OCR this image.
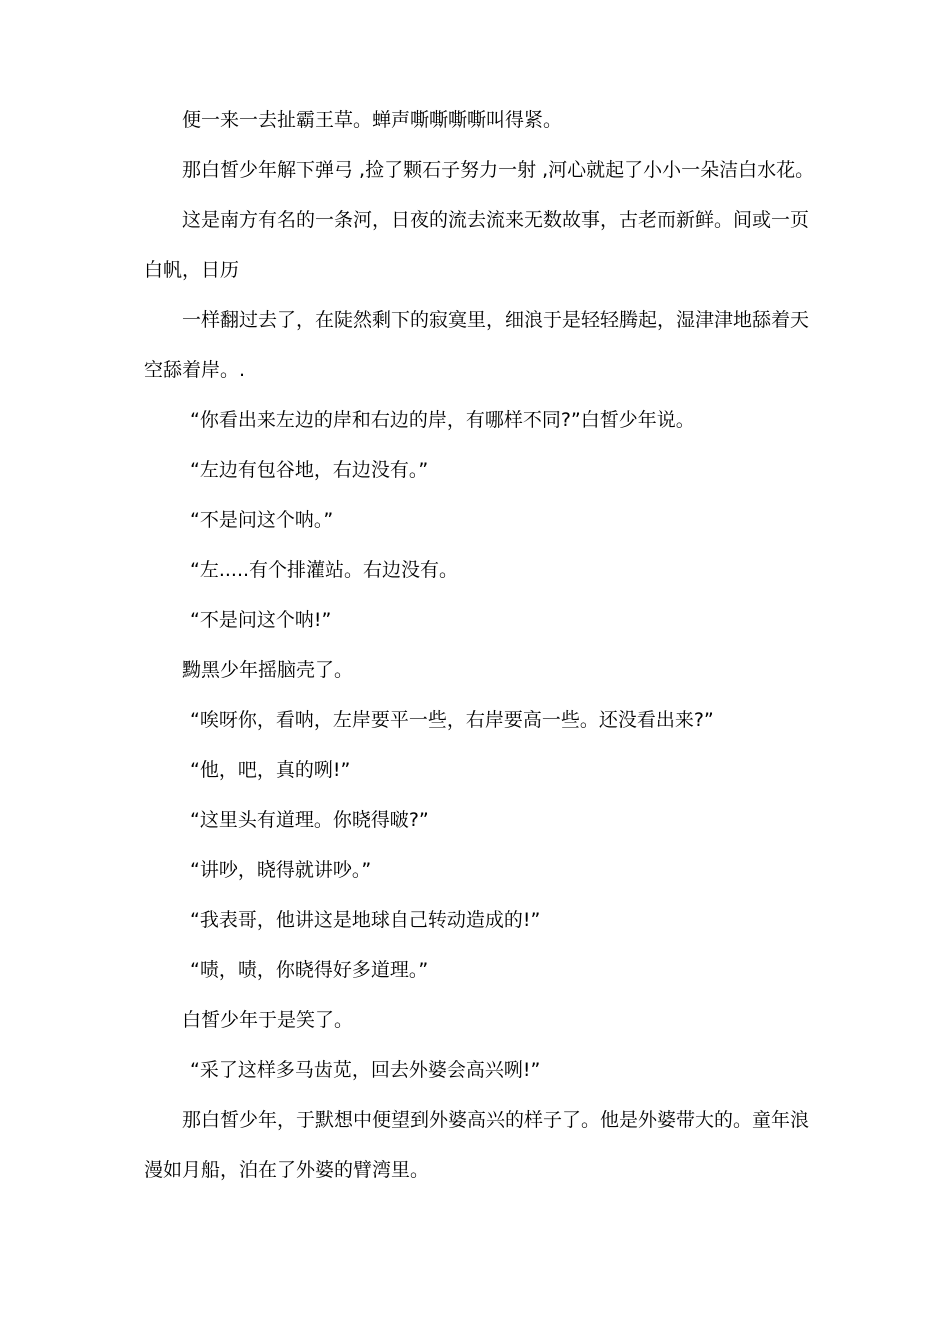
便一来一去扯霸王草。蝉声嘶嘶嘶嘶叫得紧。
那白皙少年解下弹弓 ,捡了颗石子努力一射 ,河心就起了小小一朵洁白水花。
这是南方有名的一条河，日夜的流去流来无数故事，古老而新鲜。间或一页
白帆，日历
一样翻过去了，在陡然剩下的寂寞里，细浪于是轻轻腾起，湿津津地舔着天
空舔着岸。.
“你看出来左边的岸和右边的岸，有哪样不同?”白皙少年说。
“左边有包谷地，右边没有。”
“不是问这个呐。”
“左.....有个排灌站。右边没有。
“不是问这个呐!”
黝黑少年摇脑壳了。
“唉呀你，看呐，左岸要平一些，右岸要高一些。还没看出来?”
“他，吧，真的咧!”
“这里头有道理。你晓得啵?”
“讲吵，晓得就讲吵。”
“我表哥，他讲这是地球自己转动造成的!”
“啧，啧，你晓得好多道理。”
白皙少年于是笑了。
“采了这样多马齿苋，回去外婆会高兴咧!”
那白皙少年，于默想中便望到外婆高兴的样子了。他是外婆带大的。童年浪
漫如月船，泊在了外婆的臂湾里。
